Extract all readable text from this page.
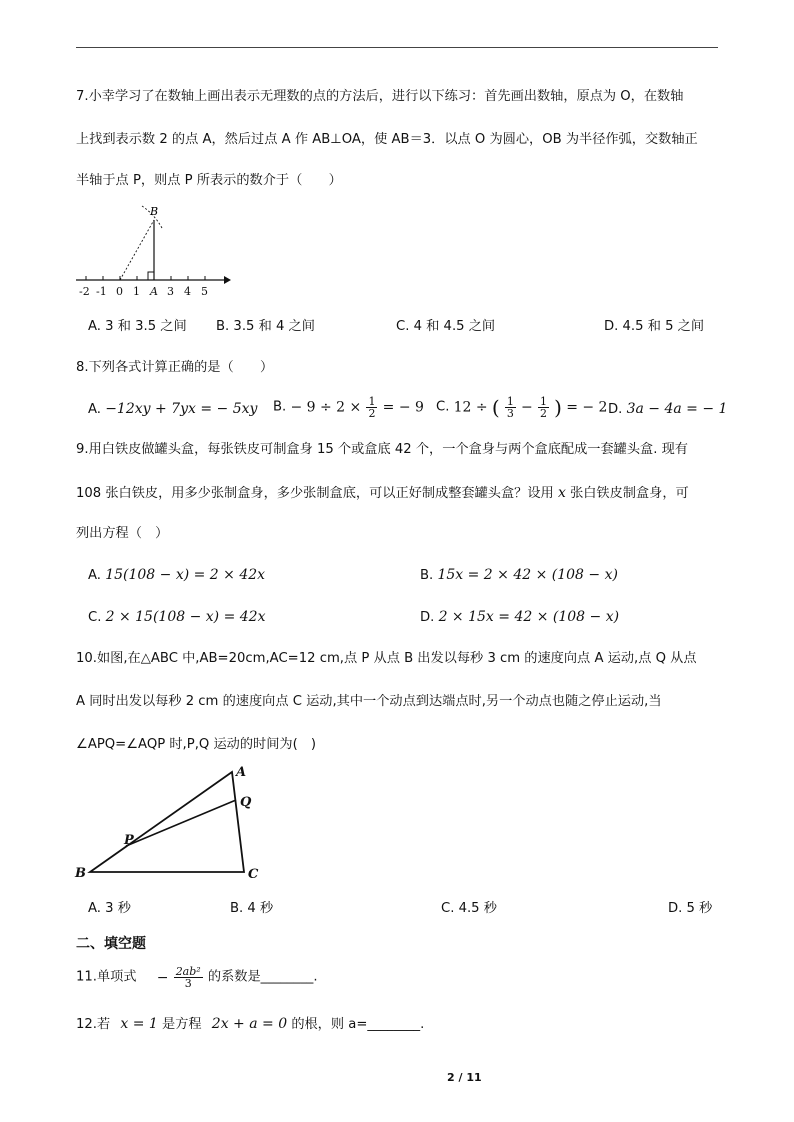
7.小幸学习了在数轴上画出表示无理数的点的方法后，进行以下练习：首先画出数轴，原点为 O，在数轴
上找到表示数 2 的点 A，然后过点 A 作 AB⊥OA，使 AB＝3．以点 O 为圆心，OB 为半径作弧，交数轴正
半轴于点 P，则点 P 所表示的数介于（　　）
B
-2 -1 0 1 A 3 4 5
A. 3 和 3.5 之间 B. 3.5 和 4 之间	C. 4 和 4.5 之间	D. 4.5 和 5 之间
8.下列各式计算正确的是（　　）
A. −12xy + 7yx = − 5xy B. − $9 \div 2 \times \frac{1}{2}$ = − 9 C. 12 ÷ ( $\frac{1}{3} - \frac{1}{2}$ ) = − 2 D. 3a − 4a = − 1
9.用白铁皮做罐头盒，每张铁皮可制盒身 15 个或盒底 42 个，一个盒身与两个盒底配成一套罐头盒. 现有
108 张白铁皮，用多少张制盒身，多少张制盒底，可以正好制成整套罐头盒？设用 x 张白铁皮制盒身，可
列出方程（　）
A. 15(108 − x) = 2 × 42x	B. 15x = 2 × 42 × (108 − x)
C. 2 × 15(108 − x) = 42x	D. 2 × 15x = 42 × (108 − x)
10.如图,在△ABC 中,AB=20cm,AC=12 cm,点 P 从点 B 出发以每秒 3 cm 的速度向点 A 运动,点 Q 从点
A 同时出发以每秒 2 cm 的速度向点 C 运动,其中一个动点到达端点时,另一个动点也随之停止运动,当
∠APQ=∠AQP 时,P,Q 运动的时间为(　)
A
Q
P
B	C
A. 3 秒	B. 4 秒	C. 4.5 秒	D. 5 秒
二、填空题
11.单项式 − $\frac{\text{2ab²}}{3}$ 的系数是________.
12.若 x = 1 是方程 2x + a = 0 的根，则 a=________.
2 / 11
